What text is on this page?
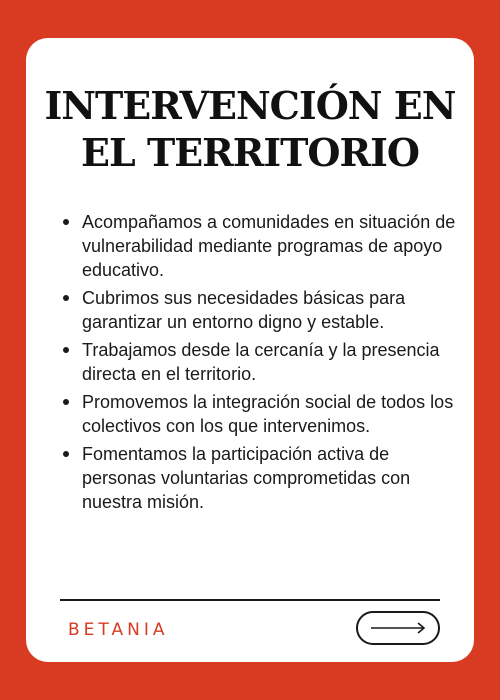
INTERVENCIÓN EN
EL TERRITORIO
Acompañamos a comunidades en situación de vulnerabilidad mediante programas de apoyo educativo.
Cubrimos sus necesidades básicas para garantizar un entorno digno y estable.
Trabajamos desde la cercanía y la presencia directa en el territorio.
Promovemos la integración social de todos los colectivos con los que intervenimos.
Fomentamos la participación activa de personas voluntarias comprometidas con nuestra misión.
BETANIA
